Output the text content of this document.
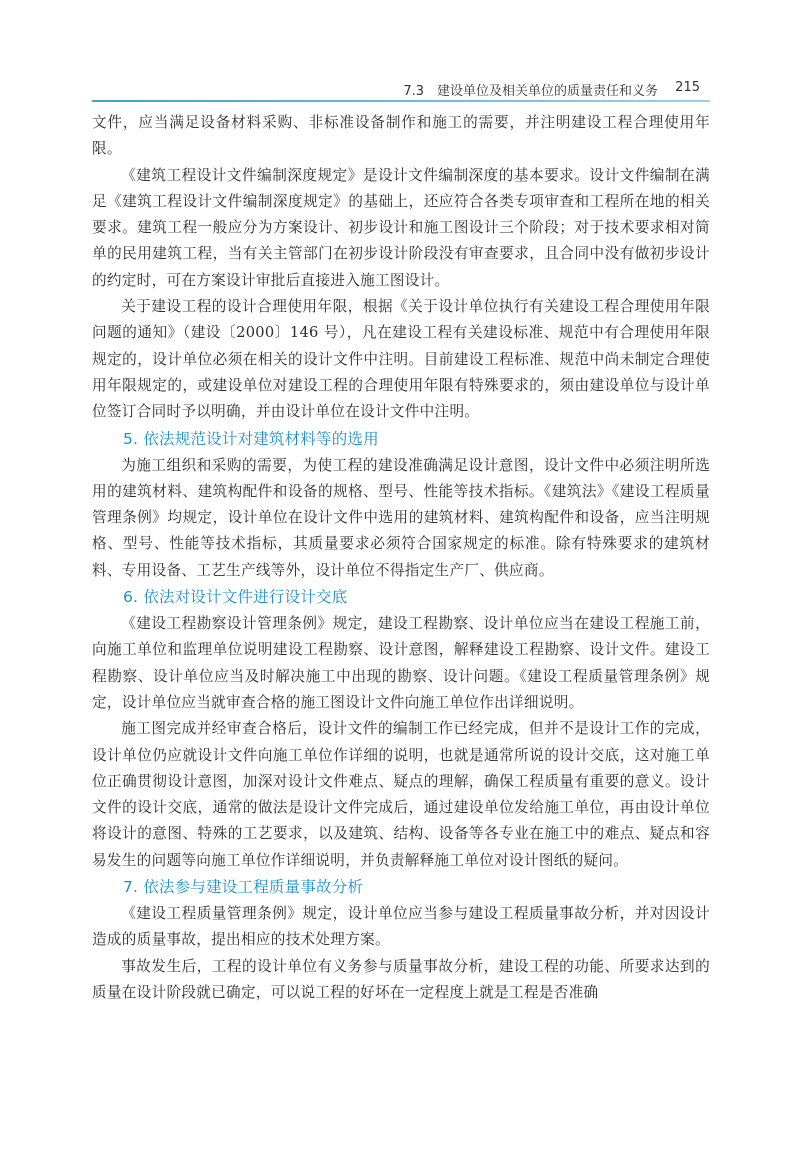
7.3　建设单位及相关单位的质量责任和义务 215

文件，应当满足设备材料采购、非标准设备制作和施工的需要，并注明建设工程合理使用年限。

《建筑工程设计文件编制深度规定》是设计文件编制深度的基本要求。设计文件编制在满足《建筑工程设计文件编制深度规定》的基础上，还应符合各类专项审查和工程所在地的相关要求。建筑工程一般应分为方案设计、初步设计和施工图设计三个阶段；对于技术要求相对简单的民用建筑工程，当有关主管部门在初步设计阶段没有审查要求，且合同中没有做初步设计的约定时，可在方案设计审批后直接进入施工图设计。

关于建设工程的设计合理使用年限，根据《关于设计单位执行有关建设工程合理使用年限问题的通知》（建设〔2000〕146 号），凡在建设工程有关建设标准、规范中有合理使用年限规定的，设计单位必须在相关的设计文件中注明。目前建设工程标准、规范中尚未制定合理使用年限规定的，或建设单位对建设工程的合理使用年限有特殊要求的，须由建设单位与设计单位签订合同时予以明确，并由设计单位在设计文件中注明。

5. 依法规范设计对建筑材料等的选用

为施工组织和采购的需要，为使工程的建设准确满足设计意图，设计文件中必须注明所选用的建筑材料、建筑构配件和设备的规格、型号、性能等技术指标。《建筑法》《建设工程质量管理条例》均规定，设计单位在设计文件中选用的建筑材料、建筑构配件和设备，应当注明规格、型号、性能等技术指标，其质量要求必须符合国家规定的标准。除有特殊要求的建筑材料、专用设备、工艺生产线等外，设计单位不得指定生产厂、供应商。

6. 依法对设计文件进行设计交底

《建设工程勘察设计管理条例》规定，建设工程勘察、设计单位应当在建设工程施工前，向施工单位和监理单位说明建设工程勘察、设计意图，解释建设工程勘察、设计文件。建设工程勘察、设计单位应当及时解决施工中出现的勘察、设计问题。《建设工程质量管理条例》规定，设计单位应当就审查合格的施工图设计文件向施工单位作出详细说明。

施工图完成并经审查合格后，设计文件的编制工作已经完成，但并不是设计工作的完成，设计单位仍应就设计文件向施工单位作详细的说明，也就是通常所说的设计交底，这对施工单位正确贯彻设计意图，加深对设计文件难点、疑点的理解，确保工程质量有重要的意义。设计文件的设计交底，通常的做法是设计文件完成后，通过建设单位发给施工单位，再由设计单位将设计的意图、特殊的工艺要求，以及建筑、结构、设备等各专业在施工中的难点、疑点和容易发生的问题等向施工单位作详细说明，并负责解释施工单位对设计图纸的疑问。

7. 依法参与建设工程质量事故分析

《建设工程质量管理条例》规定，设计单位应当参与建设工程质量事故分析，并对因设计造成的质量事故，提出相应的技术处理方案。

事故发生后，工程的设计单位有义务参与质量事故分析，建设工程的功能、所要求达到的质量在设计阶段就已确定，可以说工程的好坏在一定程度上就是工程是否准确
